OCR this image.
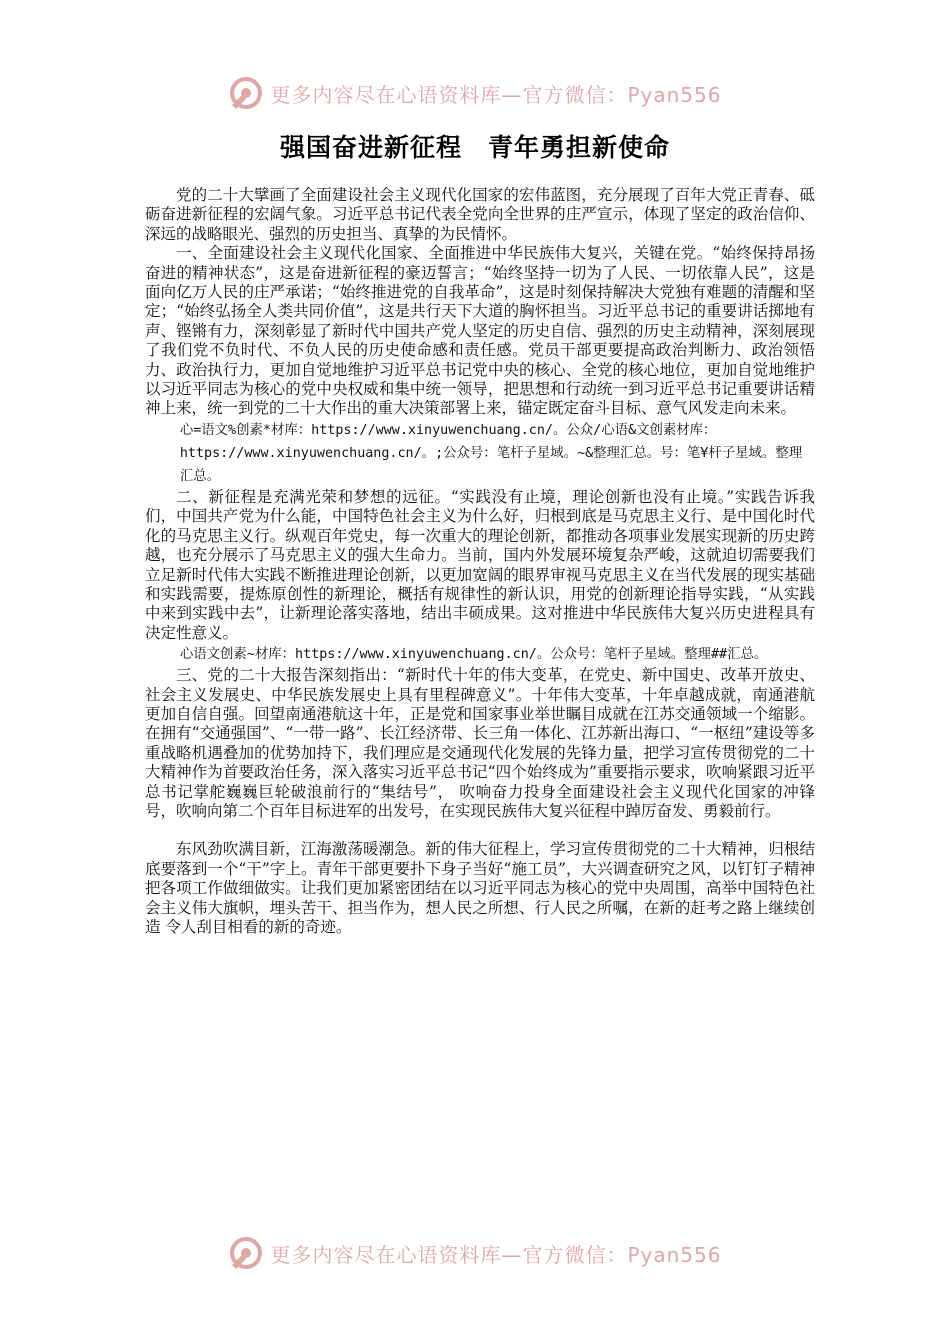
更多内容尽在心语资料库—官方微信：Pyan556
强国奋进新征程　青年勇担新使命

党的二十大擘画了全面建设社会主义现代化国家的宏伟蓝图，充分展现了百年大党正青春、砥砺奋进新征程的宏阔气象。习近平总书记代表全党向全世界的庄严宣示，体现了坚定的政治信仰、深远的战略眼光、强烈的历史担当、真挚的为民情怀。

一、全面建设社会主义现代化国家、全面推进中华民族伟大复兴，关键在党。“始终保持昂扬奋进的精神状态”，这是奋进新征程的豪迈誓言；“始终坚持一切为了人民、一切依靠人民”，这是面向亿万人民的庄严承诺；“始终推进党的自我革命”，这是时刻保持解决大党独有难题的清醒和坚定；“始终弘扬全人类共同价值”，这是共行天下大道的胸怀担当。习近平总书记的重要讲话掷地有声、铿锵有力，深刻彰显了新时代中国共产党人坚定的历史自信、强烈的历史主动精神，深刻展现了我们党不负时代、不负人民的历史使命感和责任感。党员干部更要提高政治判断力、政治领悟力、政治执行力，更加自觉地维护习近平总书记党中央的核心、全党的核心地位，更加自觉地维护以习近平同志为核心的党中央权威和集中统一领导，把思想和行动统一到习近平总书记重要讲话精神上来，统一到党的二十大作出的重大决策部署上来，锚定既定奋斗目标、意气风发走向未来。

心=语文%创素*材库：https://www.xinyuwenchuang.cn/。公众/心语&文创素材库：https://www.xinyuwenchuang.cn/。;公众号：笔杆子星域。~&整理汇总。号：笔¥杆子星域。整理汇总。

二、新征程是充满光荣和梦想的远征。“实践没有止境，理论创新也没有止境。”实践告诉我们，中国共产党为什么能，中国特色社会主义为什么好，归根到底是马克思主义行、是中国化时代化的马克思主义行。纵观百年党史，每一次重大的理论创新，都推动各项事业发展实现新的历史跨越，也充分展示了马克思主义的强大生命力。当前，国内外发展环境复杂严峻，这就迫切需要我们立足新时代伟大实践不断推进理论创新，以更加宽阔的眼界审视马克思主义在当代发展的现实基础和实践需要，提炼原创性的新理论，概括有规律性的新认识，用党的创新理论指导实践，“从实践中来到实践中去”，让新理论落实落地，结出丰硕成果。这对推进中华民族伟大复兴历史进程具有决定性意义。

心语文创素~材库：https://www.xinyuwenchuang.cn/。公众号：笔杆子星域。整理##汇总。

三、党的二十大报告深刻指出：“新时代十年的伟大变革，在党史、新中国史、改革开放史、社会主义发展史、中华民族发展史上具有里程碑意义”。十年伟大变革，十年卓越成就，南通港航更加自信自强。回望南通港航这十年，正是党和国家事业举世瞩目成就在江苏交通领域一个缩影。在拥有“交通强国”、“一带一路”、长江经济带、长三角一体化、江苏新出海口、“一枢纽”建设等多重战略机遇叠加的优势加持下，我们理应是交通现代化发展的先锋力量，把学习宣传贯彻党的二十大精神作为首要政治任务，深入落实习近平总书记“四个始终成为”重要指示要求，吹响紧跟习近平总书记掌舵巍巍巨轮破浪前行的“集结号”， 吹响奋力投身全面建设社会主义现代化国家的冲锋号，吹响向第二个百年目标进军的出发号，在实现民族伟大复兴征程中踔厉奋发、勇毅前行。

东风劲吹满目新，江海激荡暖潮急。新的伟大征程上，学习宣传贯彻党的二十大精神，归根结底要落到一个“干”字上。青年干部更要扑下身子当好“施工员”，大兴调查研究之风，以钉钉子精神把各项工作做细做实。让我们更加紧密团结在以习近平同志为核心的党中央周围，高举中国特色社会主义伟大旗帜，埋头苦干、担当作为，想人民之所想、行人民之所嘱，在新的赶考之路上继续创造 令人刮目相看的新的奇迹。

更多内容尽在心语资料库—官方微信：Pyan556
